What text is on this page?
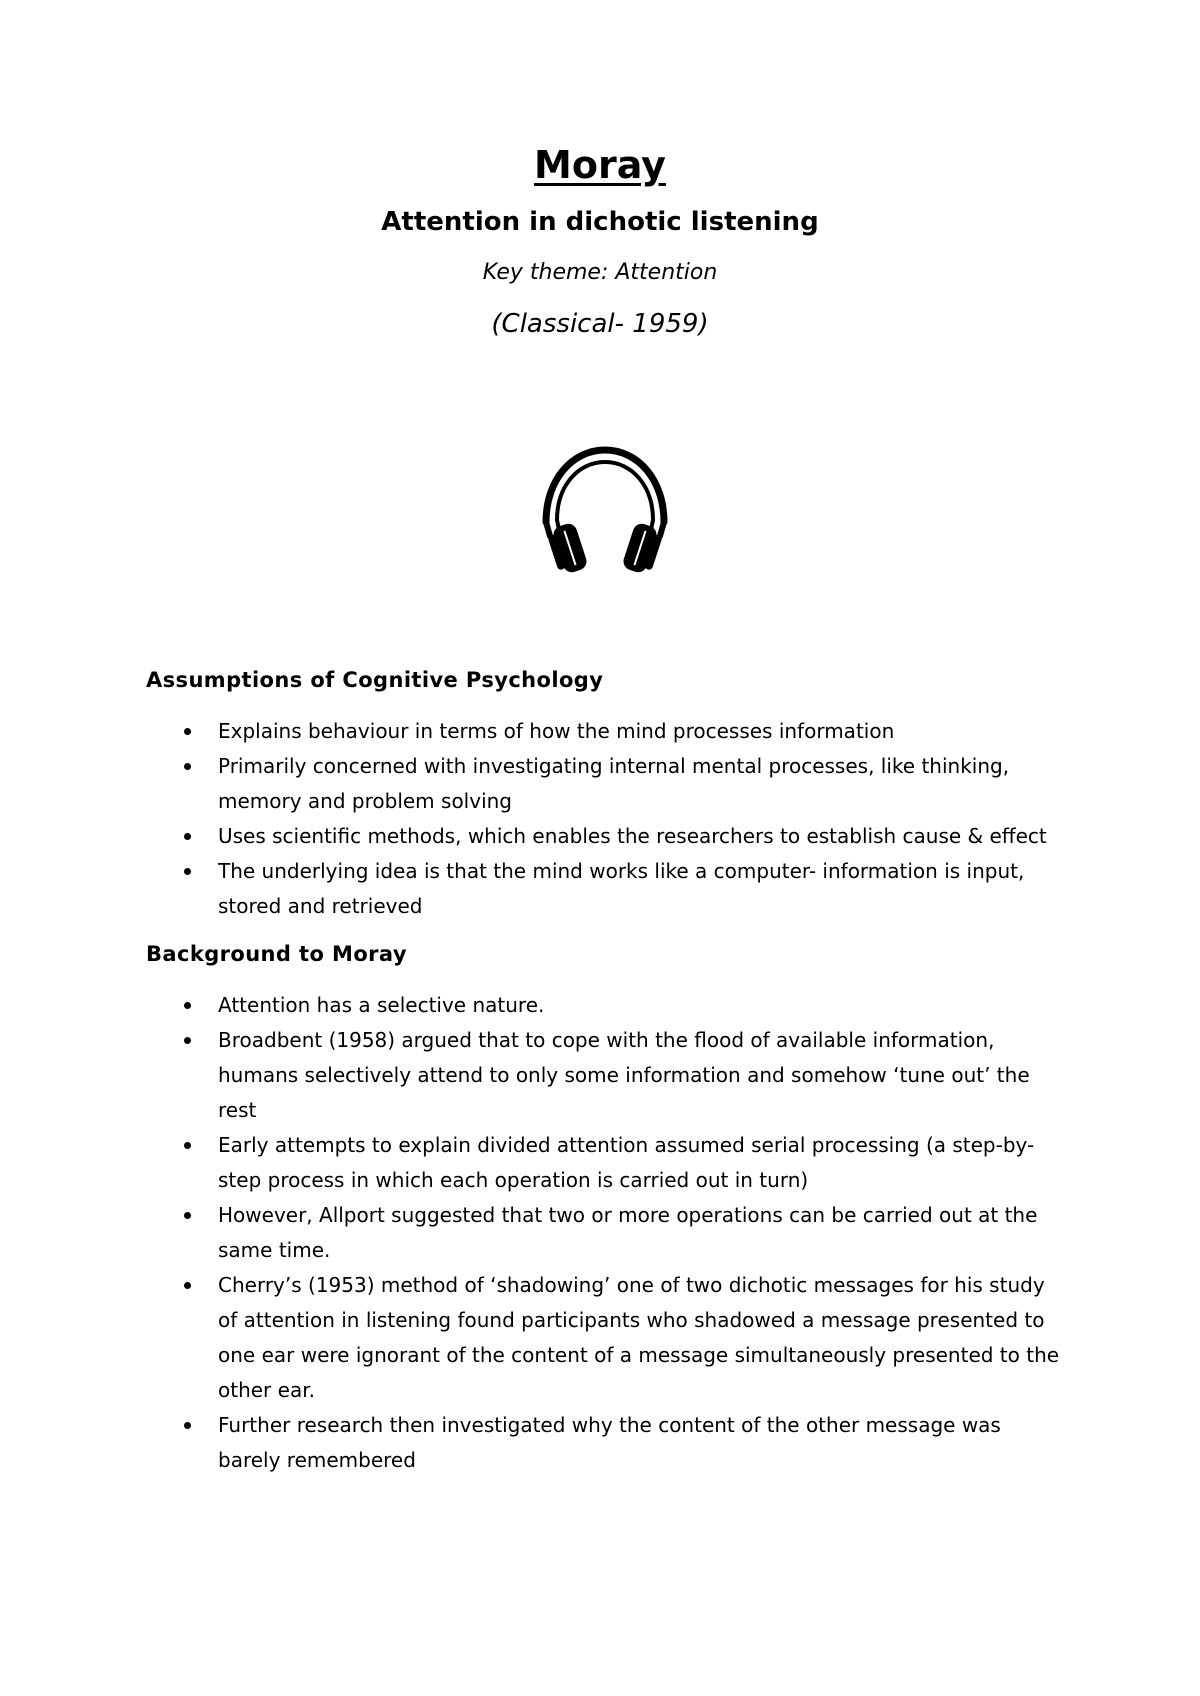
Moray
Attention in dichotic listening

Key theme: Attention

(Classical- 1959)

Assumptions of Cognitive Psychology
Explains behaviour in terms of how the mind processes information
Primarily concerned with investigating internal mental processes, like thinking, memory and problem solving
Uses scientific methods, which enables the researchers to establish cause & effect
The underlying idea is that the mind works like a computer- information is input, stored and retrieved
Background to Moray
Attention has a selective nature.
Broadbent (1958) argued that to cope with the flood of available information, humans selectively attend to only some information and somehow ‘tune out’ the rest
Early attempts to explain divided attention assumed serial processing (a step-by-step process in which each operation is carried out in turn)
However, Allport suggested that two or more operations can be carried out at the same time.
Cherry’s (1953) method of ‘shadowing’ one of two dichotic messages for his study of attention in listening found participants who shadowed a message presented to one ear were ignorant of the content of a message simultaneously presented to the other ear.
Further research then investigated why the content of the other message was barely remembered
